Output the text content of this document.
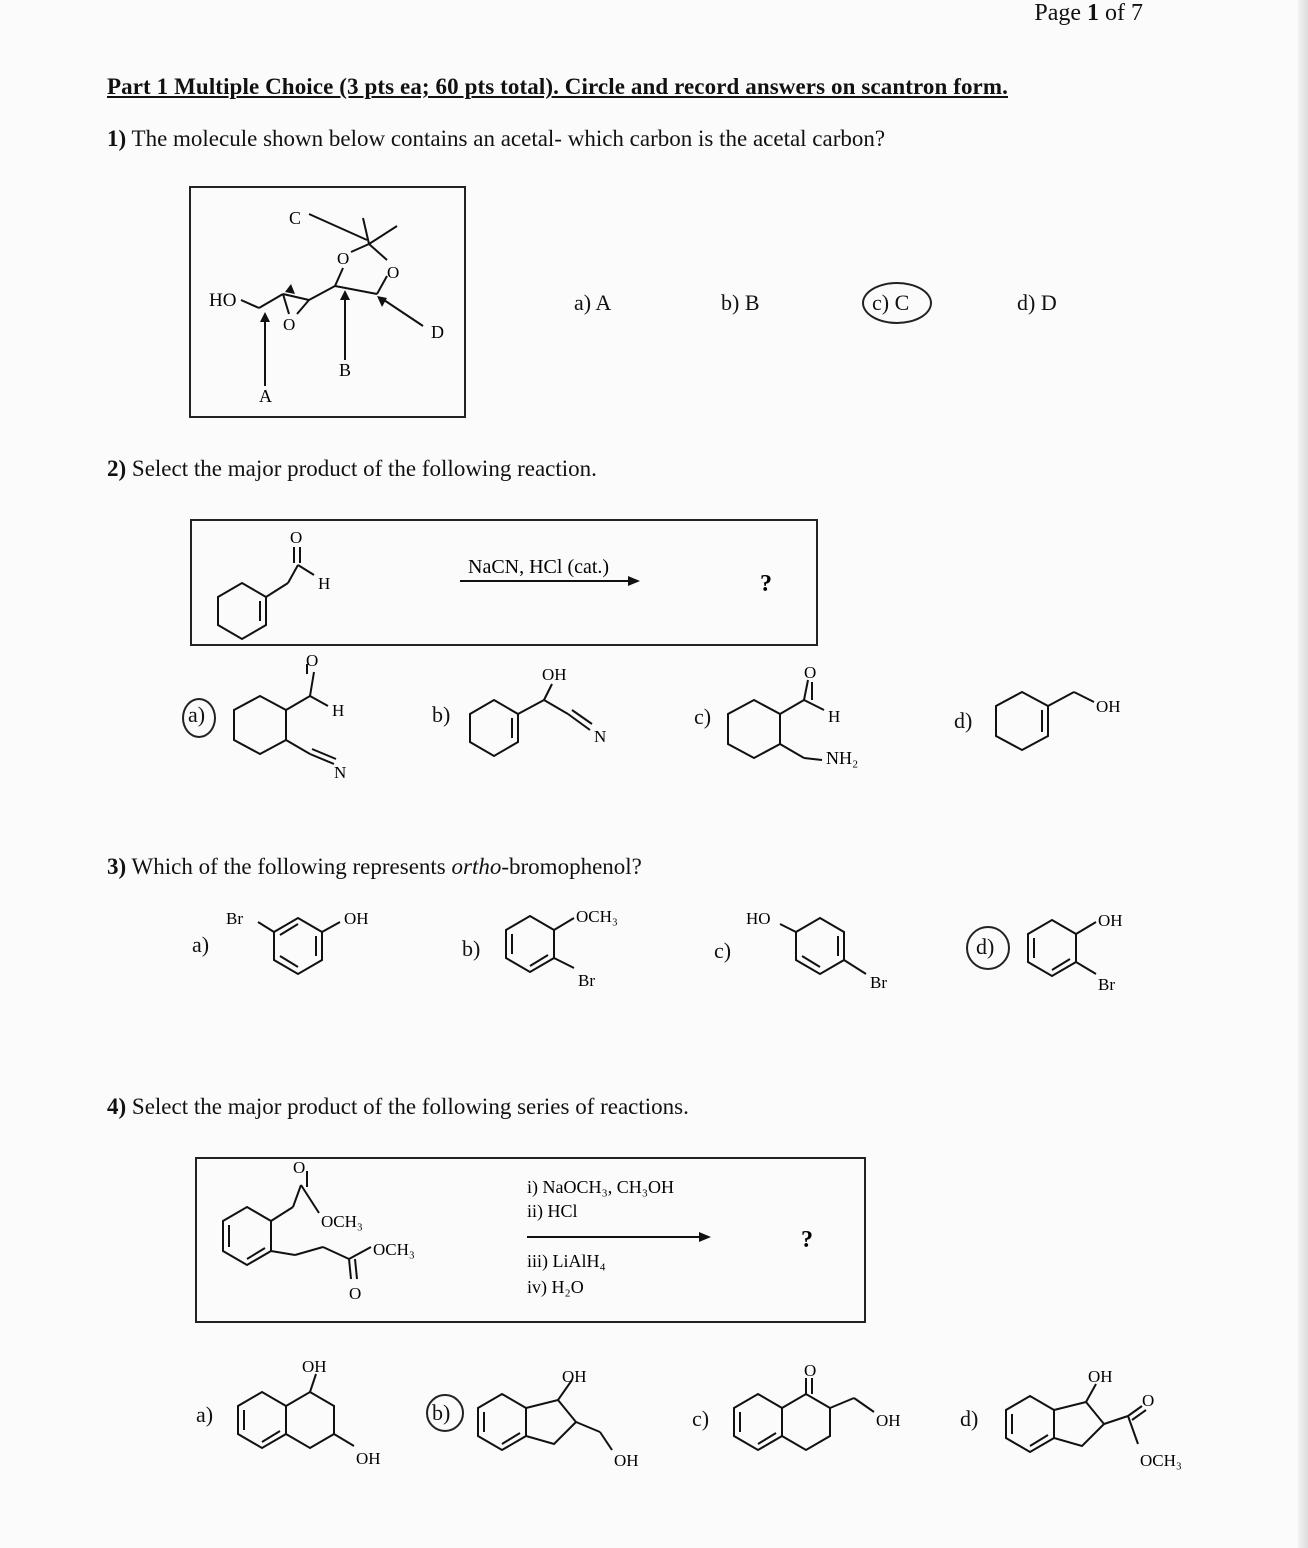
Page 1 of 7
Part 1 Multiple Choice (3 pts ea; 60 pts total). Circle and record answers on scantron form.
1) The molecule shown below contains an acetal- which carbon is the acetal carbon?
HO
O
O
O
A
B
C
D
a) A	b) B	c) C	d) D
2) Select the major product of the following reaction.
O
H
NaCN, HCl (cat.)
?
a)
O
H
N
b)
OH
N
c)
O
H
NH₂
d)
OH
3) Which of the following represents ortho-bromophenol?
a)
Br	OH
b)
OCH₃
Br
c)
HO
Br
d)
OH
Br
4) Select the major product of the following series of reactions.
O
OCH₃
OCH₃
O
i) NaOCH₃, CH₃OH
ii) HCl
iii) LiAlH₄
iv) H₂O
?
a)
OH
OH
b)
OH
OH
c)
O
OH	d)
OH
O
OCH₃
